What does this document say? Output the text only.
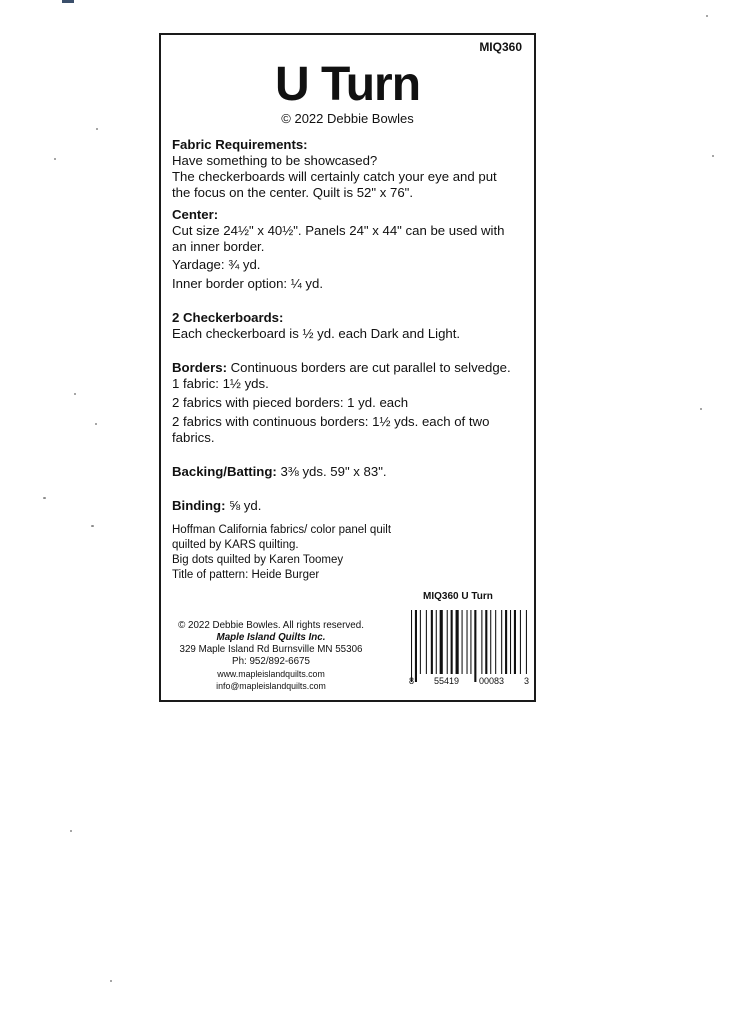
MIQ360
U Turn
© 2022 Debbie Bowles
Fabric Requirements:
Have something to be showcased?
The checkerboards will certainly catch your eye and put
the focus on the center. Quilt is 52" x 76".
Center:
Cut size 24½" x 40½". Panels 24" x 44" can be used with
an inner border.
Yardage: ¾ yd.
Inner border option: ¼ yd.
2 Checkerboards:
Each checkerboard is ½ yd. each Dark and Light.
Borders: Continuous borders are cut parallel to selvedge.
1 fabric: 1½ yds.
2 fabrics with pieced borders: 1 yd. each
2 fabrics with continuous borders: 1½ yds. each of two
fabrics.
Backing/Batting: 3⅜ yds. 59" x 83".
Binding: ⅝ yd.
Hoffman California fabrics/ color panel quilt
quilted by KARS quilting.
Big dots quilted by Karen Toomey
Title of pattern: Heide Burger
MIQ360 U Turn
8 55419 00083 3
© 2022 Debbie Bowles. All rights reserved.
Maple Island Quilts Inc.
329 Maple Island Rd Burnsville MN 55306
Ph: 952/892-6675
www.mapleislandquilts.com
info@mapleislandquilts.com
